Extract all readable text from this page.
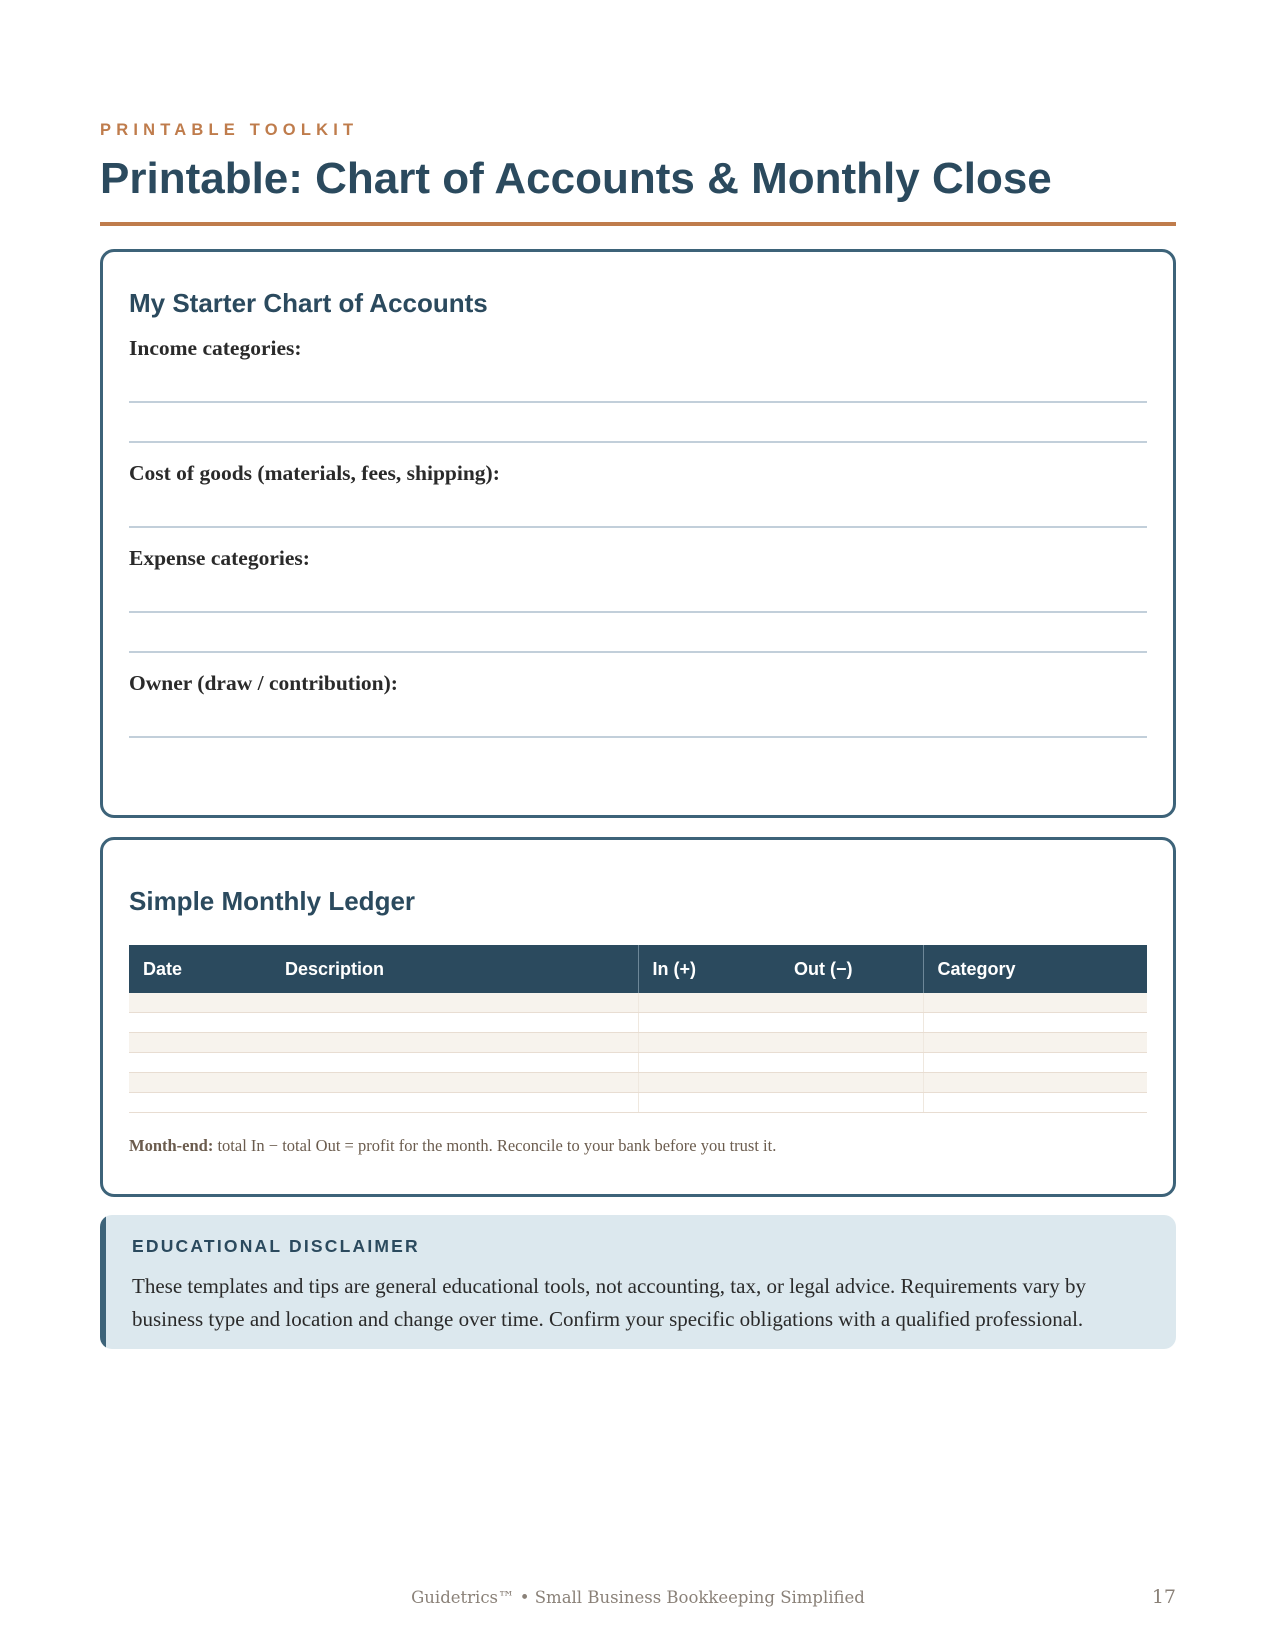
PRINTABLE TOOLKIT
Printable: Chart of Accounts & Monthly Close
My Starter Chart of Accounts
Income categories:
Cost of goods (materials, fees, shipping):
Expense categories:
Owner (draw / contribution):
Simple Monthly Ledger
Date	Description	In (+)	Out (−)	Category

Month-end: total In − total Out = profit for the month. Reconcile to your bank before you trust it.
EDUCATIONAL DISCLAIMER
These templates and tips are general educational tools, not accounting, tax, or legal advice. Requirements vary by business type and location and change over time. Confirm your specific obligations with a qualified professional.
Guidetrics™ • Small Business Bookkeeping Simplified	17
